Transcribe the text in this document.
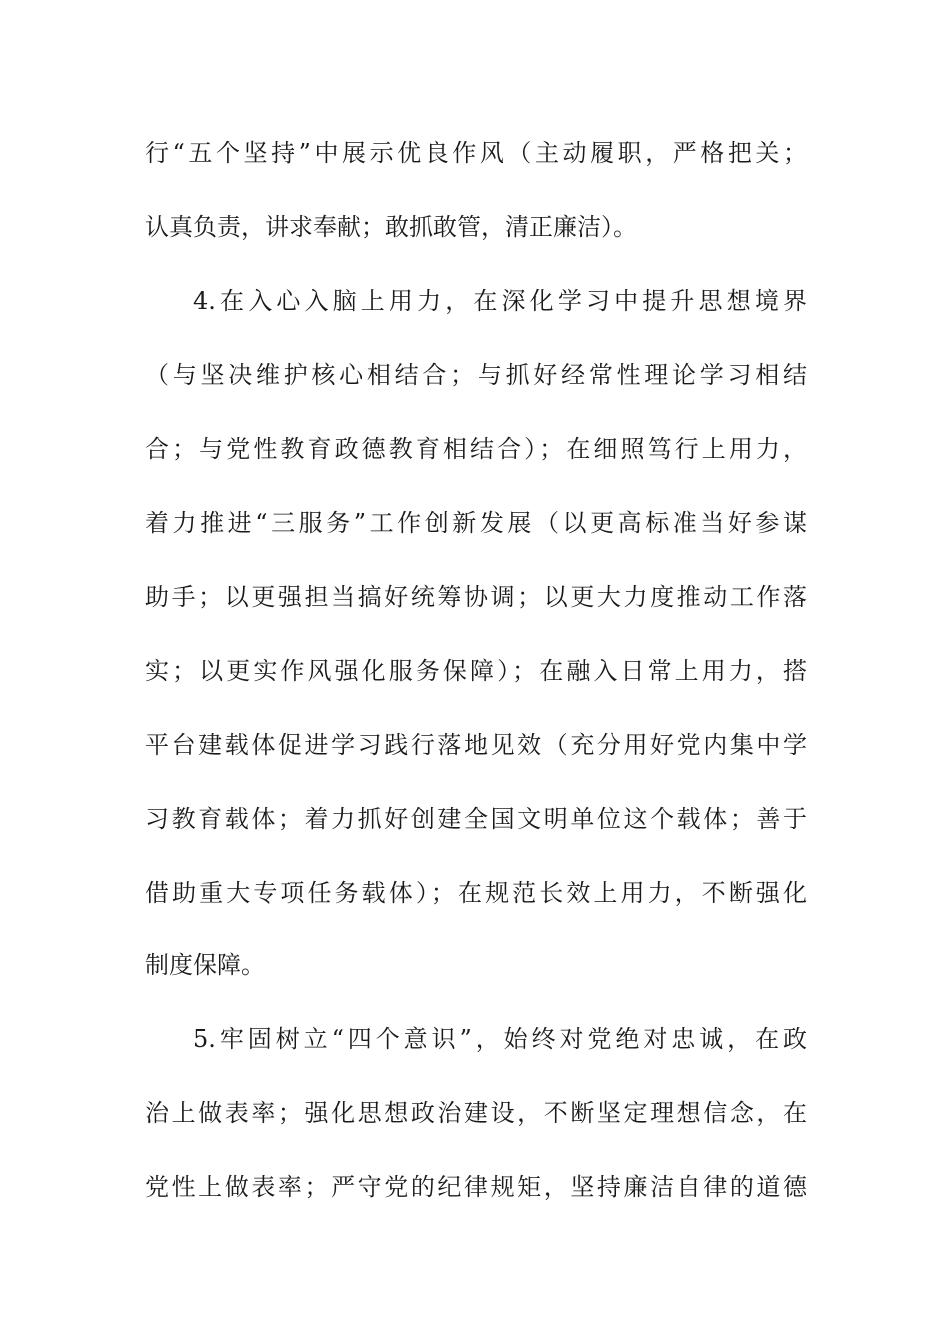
行“五个坚持”中展示优良作风（主动履职，严格把关；
认真负责，讲求奉献；敢抓敢管，清正廉洁）。
4.在入心入脑上用力，在深化学习中提升思想境界
（与坚决维护核心相结合；与抓好经常性理论学习相结
合；与党性教育政德教育相结合）；在细照笃行上用力，
着力推进“三服务”工作创新发展（以更高标准当好参谋
助手；以更强担当搞好统筹协调；以更大力度推动工作落
实；以更实作风强化服务保障）；在融入日常上用力，搭
平台建载体促进学习践行落地见效（充分用好党内集中学
习教育载体；着力抓好创建全国文明单位这个载体；善于
借助重大专项任务载体）；在规范长效上用力，不断强化
制度保障。
5.牢固树立“四个意识”，始终对党绝对忠诚，在政
治上做表率；强化思想政治建设，不断坚定理想信念，在
党性上做表率；严守党的纪律规矩，坚持廉洁自律的道德
